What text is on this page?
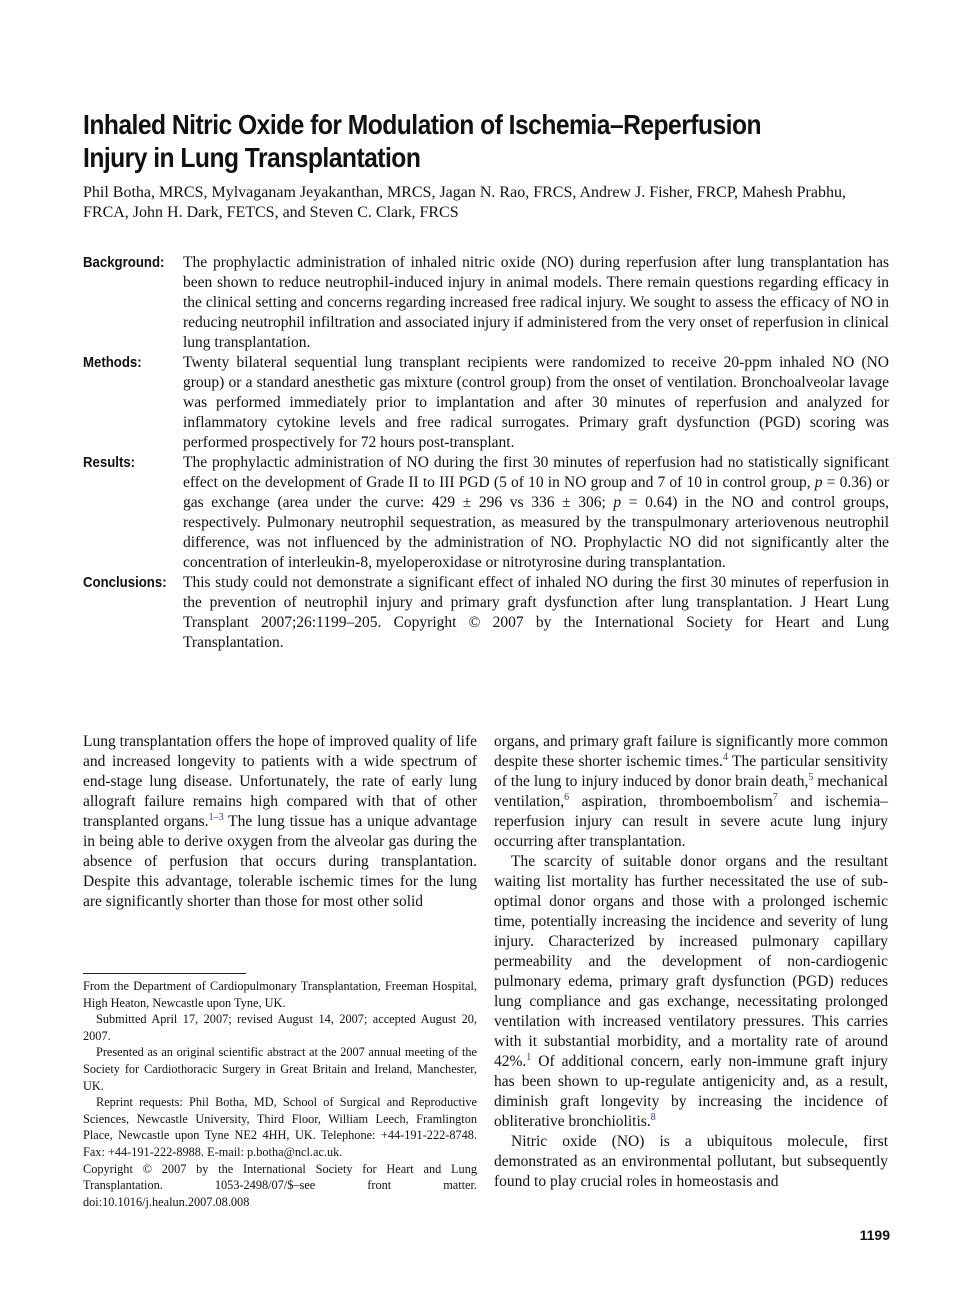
Inhaled Nitric Oxide for Modulation of Ischemia–Reperfusion Injury in Lung Transplantation
Phil Botha, MRCS, Mylvaganam Jeyakanthan, MRCS, Jagan N. Rao, FRCS, Andrew J. Fisher, FRCP, Mahesh Prabhu, FRCA, John H. Dark, FETCS, and Steven C. Clark, FRCS
Background:	The prophylactic administration of inhaled nitric oxide (NO) during reperfusion after lung transplantation has been shown to reduce neutrophil-induced injury in animal models. There remain questions regarding efficacy in the clinical setting and concerns regarding increased free radical injury. We sought to assess the efficacy of NO in reducing neutrophil infiltration and associated injury if administered from the very onset of reperfusion in clinical lung transplantation.
Methods:	Twenty bilateral sequential lung transplant recipients were randomized to receive 20-ppm inhaled NO (NO group) or a standard anesthetic gas mixture (control group) from the onset of ventilation. Bronchoalveolar lavage was performed immediately prior to implantation and after 30 minutes of reperfusion and analyzed for inflammatory cytokine levels and free radical surrogates. Primary graft dysfunction (PGD) scoring was performed prospectively for 72 hours post-transplant.
Results:	The prophylactic administration of NO during the first 30 minutes of reperfusion had no statistically significant effect on the development of Grade II to III PGD (5 of 10 in NO group and 7 of 10 in control group, p = 0.36) or gas exchange (area under the curve: 429 ± 296 vs 336 ± 306; p = 0.64) in the NO and control groups, respectively. Pulmonary neutrophil sequestration, as measured by the transpulmonary arteriovenous neutrophil difference, was not influenced by the administration of NO. Prophylactic NO did not significantly alter the concentration of interleukin-8, myeloperoxidase or nitrotyrosine during transplantation.
Conclusions: This study could not demonstrate a significant effect of inhaled NO during the first 30 minutes of reperfusion in the prevention of neutrophil injury and primary graft dysfunction after lung transplantation. J Heart Lung Transplant 2007;26:1199–205. Copyright © 2007 by the International Society for Heart and Lung Transplantation.

Lung transplantation offers the hope of improved quality of life and increased longevity to patients with a wide spectrum of end-stage lung disease. Unfortunately, the rate of early lung allograft failure remains high compared with that of other transplanted organs.$^{1-3}$ The lung tissue has a unique advantage in being able to derive oxygen from the alveolar gas during the absence of perfusion that occurs during transplantation. Despite this advantage, tolerable ischemic times for the lung are significantly shorter than those for most other solid

organs, and primary graft failure is significantly more common despite these shorter ischemic times.$^4$ The particular sensitivity of the lung to injury induced by donor brain death,$^5$ mechanical ventilation,$^6$ aspiration, thromboembolism$^7$ and ischemia–reperfusion injury can result in severe acute lung injury occurring after transplantation.

The scarcity of suitable donor organs and the resultant waiting list mortality has further necessitated the use of sub-optimal donor organs and those with a prolonged ischemic time, potentially increasing the incidence and severity of lung injury. Characterized by increased pulmonary capillary permeability and the development of non-cardiogenic pulmonary edema, primary graft dysfunction (PGD) reduces lung compliance and gas exchange, necessitating prolonged ventilation with increased ventilatory pressures. This carries with it substantial morbidity, and a mortality rate of around 42%.$^1$ Of additional concern, early non-immune graft injury has been shown to up-regulate antigenicity and, as a result, diminish graft longevity by increasing the incidence of obliterative bronchiolitis.$^8$

Nitric oxide (NO) is a ubiquitous molecule, first demonstrated as an environmental pollutant, but subsequently found to play crucial roles in homeostasis and

From the Department of Cardiopulmonary Transplantation, Freeman Hospital, High Heaton, Newcastle upon Tyne, UK.

Submitted April 17, 2007; revised August 14, 2007; accepted August 20, 2007.

Presented as an original scientific abstract at the 2007 annual meeting of the Society for Cardiothoracic Surgery in Great Britain and Ireland, Manchester, UK.

Reprint requests: Phil Botha, MD, School of Surgical and Reproductive Sciences, Newcastle University, Third Floor, William Leech, Framlington Place, Newcastle upon Tyne NE2 4HH, UK. Telephone: +44-191-222-8748. Fax: +44-191-222-8988. E-mail: p.botha@ncl.ac.uk.

Copyright © 2007 by the International Society for Heart and Lung Transplantation. 1053-2498/07/$–see front matter. doi:10.1016/j.healun.2007.08.008

1199
